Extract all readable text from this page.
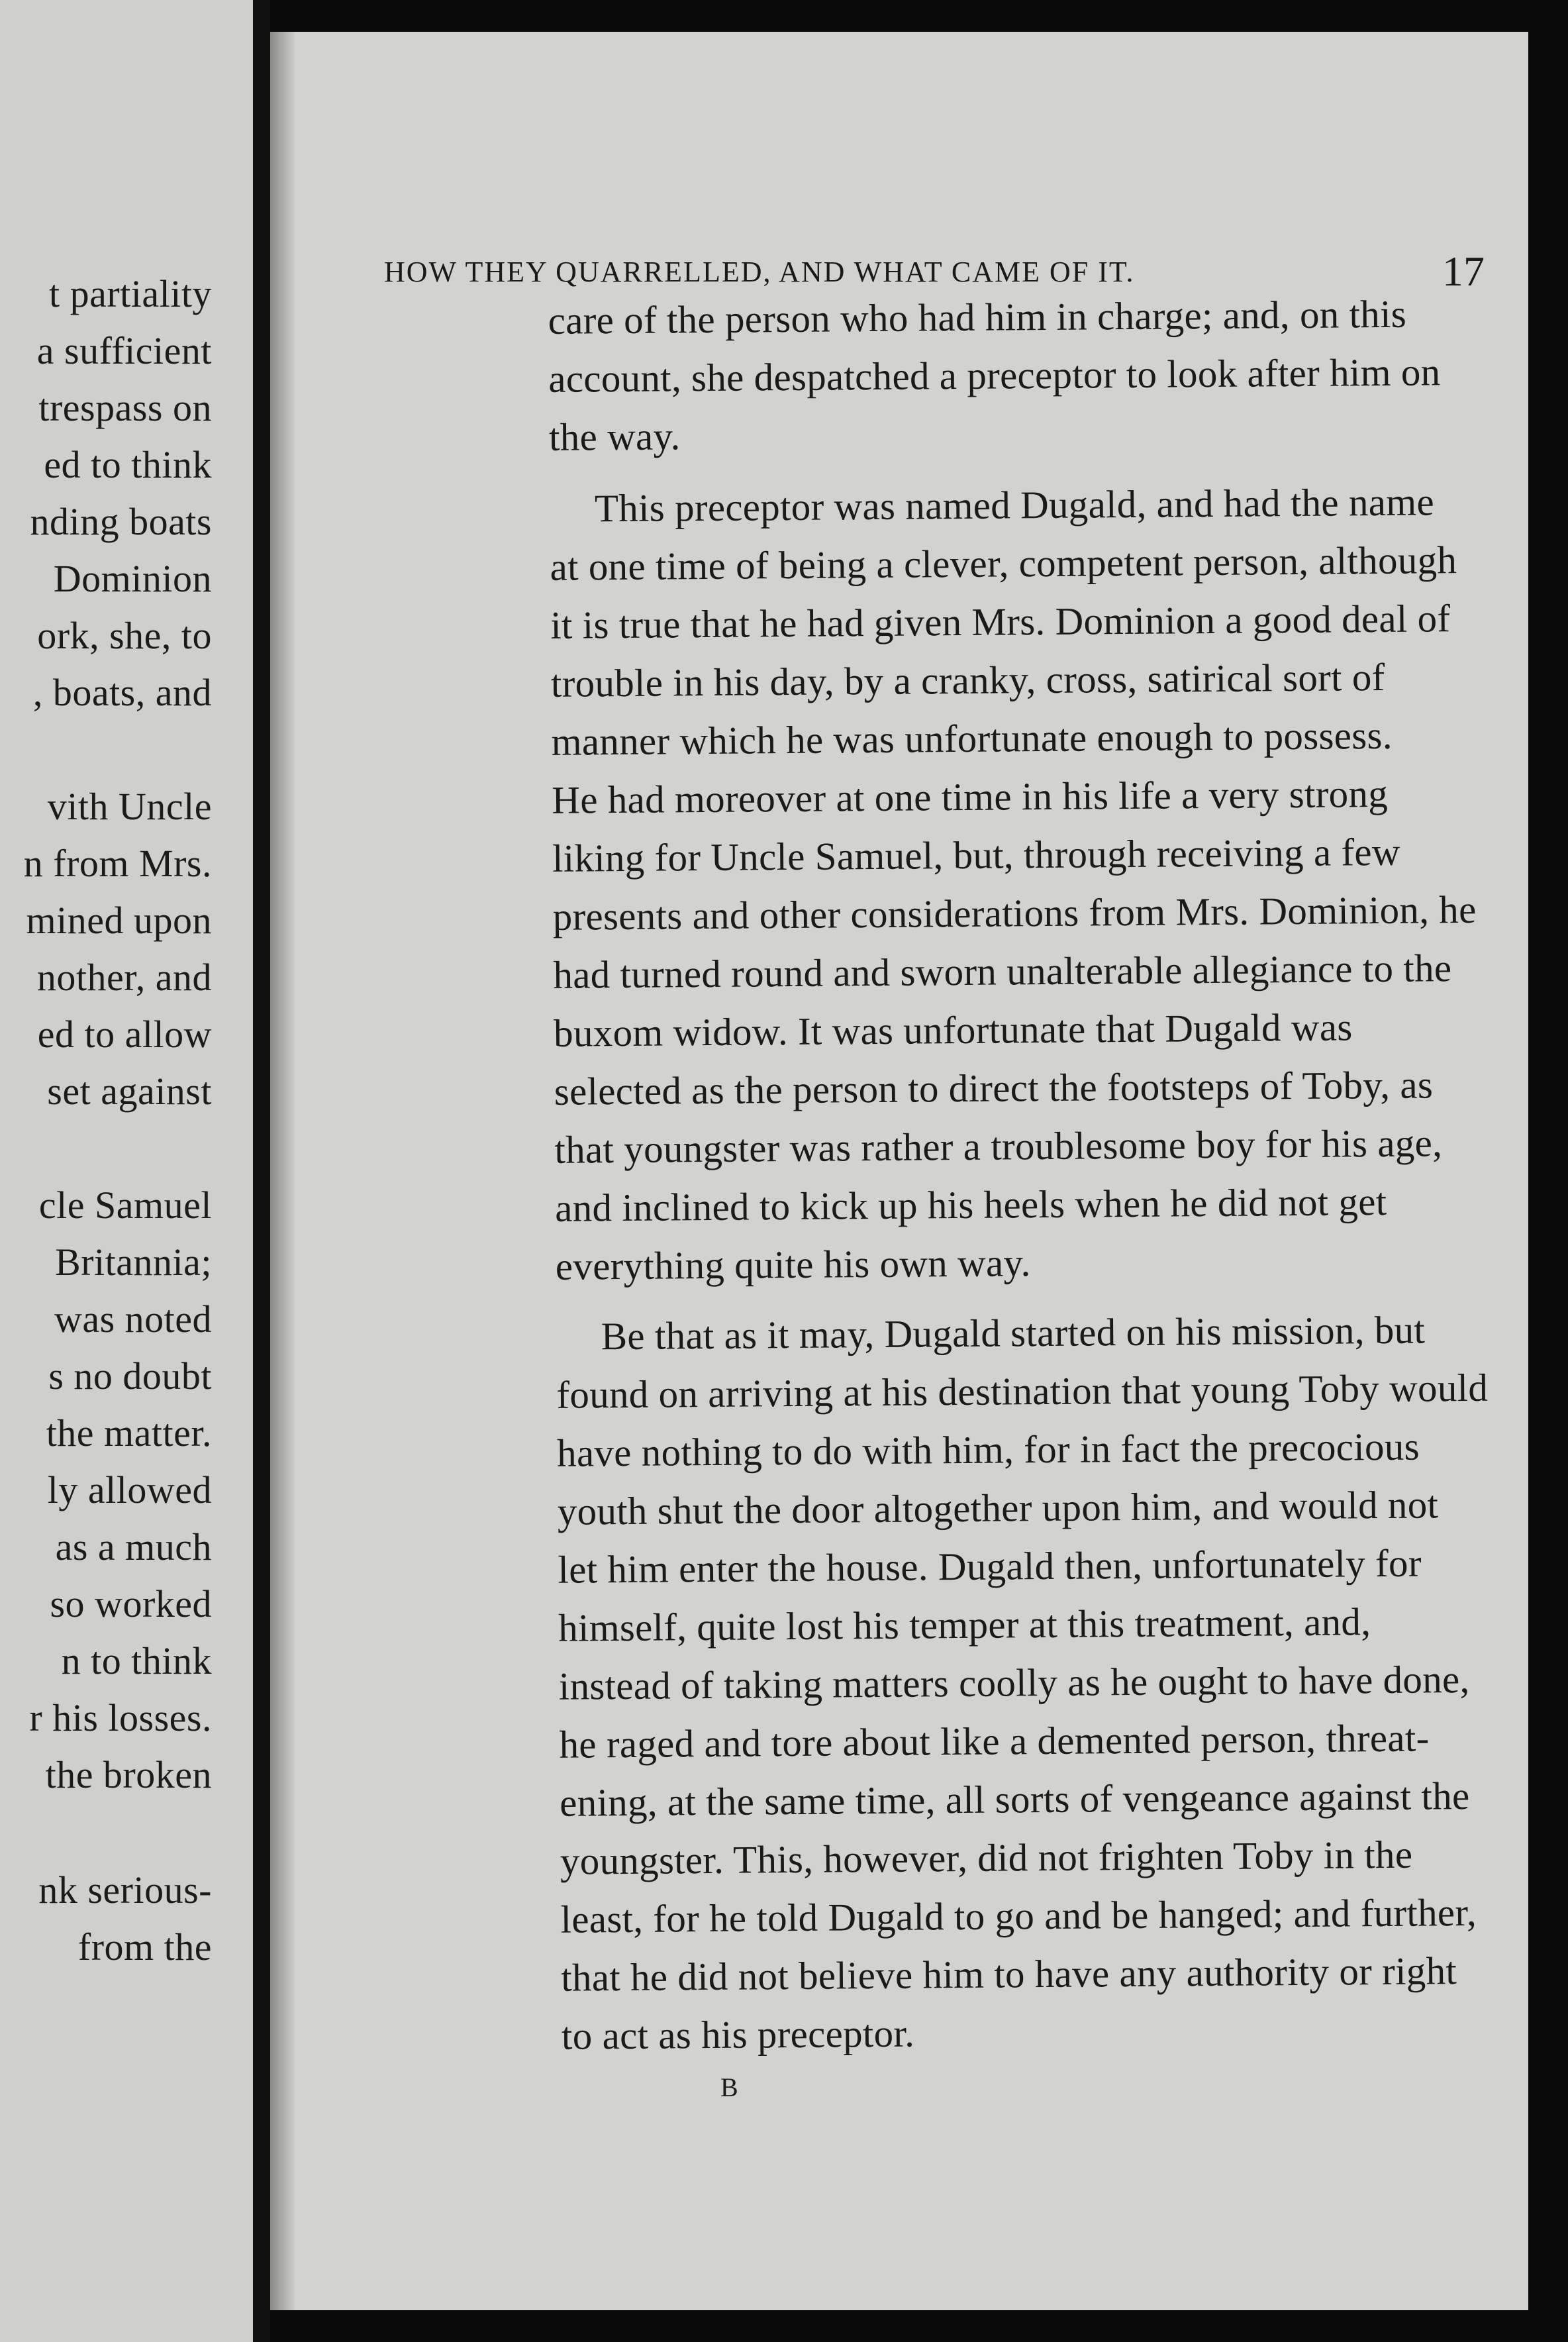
t partiality
a sufficient
trespass on
ed to think
nding boats
Dominion
ork, she, to
, boats, and
vith Uncle
n from Mrs.
mined upon
nother, and
ed to allow
set against
cle Samuel
Britannia;
was noted
s no doubt
the matter.
ly allowed
as a much
so worked
n to think
r his losses.
the broken
nk serious-
from the
HOW THEY QUARRELLED, AND WHAT CAME OF IT.	17
care of the person who had him in charge; and, on this
account, she despatched a preceptor to look after him on
the way.
This preceptor was named Dugald, and had the name
at one time of being a clever, competent person, although
it is true that he had given Mrs. Dominion a good deal of
trouble in his day, by a cranky, cross, satirical sort of
manner which he was unfortunate enough to possess.
He had moreover at one time in his life a very strong
liking for Uncle Samuel, but, through receiving a few
presents and other considerations from Mrs. Dominion, he
had turned round and sworn unalterable allegiance to the
buxom widow. It was unfortunate that Dugald was
selected as the person to direct the footsteps of Toby, as
that youngster was rather a troublesome boy for his age,
and inclined to kick up his heels when he did not get
everything quite his own way.
Be that as it may, Dugald started on his mission, but
found on arriving at his destination that young Toby would
have nothing to do with him, for in fact the precocious
youth shut the door altogether upon him, and would not
let him enter the house. Dugald then, unfortunately for
himself, quite lost his temper at this treatment, and,
instead of taking matters coolly as he ought to have done,
he raged and tore about like a demented person, threat-
ening, at the same time, all sorts of vengeance against the
youngster. This, however, did not frighten Toby in the
least, for he told Dugald to go and be hanged; and further,
that he did not believe him to have any authority or right
to act as his preceptor.
B
